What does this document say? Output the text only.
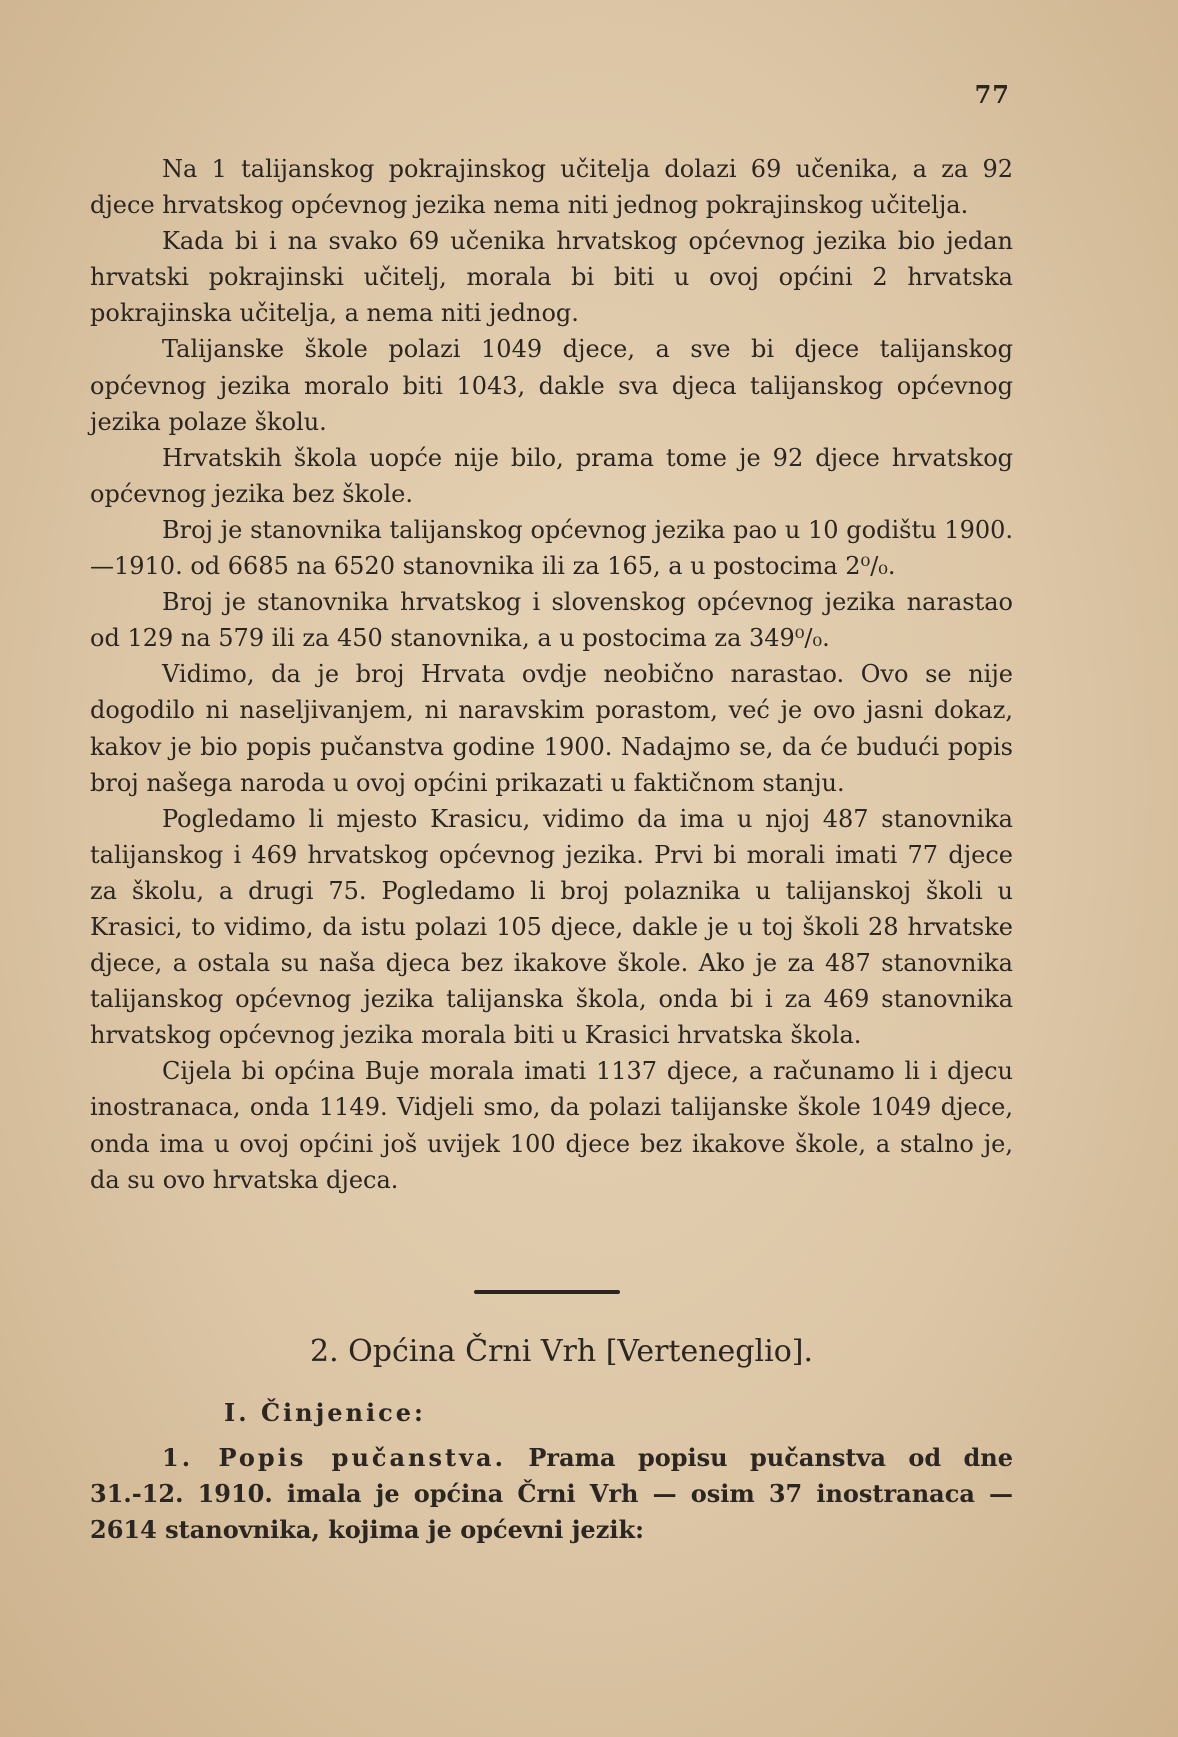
77

Na 1 talijanskog pokrajinskog učitelja dolazi 69 učenika, a za 92 djece hrvatskog općevnog jezika nema niti jednog pokrajinskog učitelja.

Kada bi i na svako 69 učenika hrvatskog općevnog jezika bio jedan hrvatski pokrajinski učitelj, morala bi biti u ovoj općini 2 hrvatska pokrajinska učitelja, a nema niti jednog.

Talijanske škole polazi 1049 djece, a sve bi djece talijanskog općevnog jezika moralo biti 1043, dakle sva djeca talijanskog općevnog jezika polaze školu.

Hrvatskih škola uopće nije bilo, prama tome je 92 djece hrvatskog općevnog jezika bez škole.

Broj je stanovnika talijanskog općevnog jezika pao u 10 godištu 1900.—1910. od 6685 na 6520 stanovnika ili za 165, a u postocima 2⁰/₀.

Broj je stanovnika hrvatskog i slovenskog općevnog jezika narastao od 129 na 579 ili za 450 stanovnika, a u postocima za 349⁰/₀.

Vidimo, da je broj Hrvata ovdje neobično narastao. Ovo se nije dogodilo ni naseljivanjem, ni naravskim porastom, već je ovo jasni dokaz, kakov je bio popis pučanstva godine 1900. Nadajmo se, da će budući popis broj našega naroda u ovoj općini prikazati u faktičnom stanju.

Pogledamo li mjesto Krasicu, vidimo da ima u njoj 487 stanovnika talijanskog i 469 hrvatskog općevnog jezika. Prvi bi morali imati 77 djece za školu, a drugi 75. Pogledamo li broj polaznika u talijanskoj školi u Krasici, to vidimo, da istu polazi 105 djece, dakle je u toj školi 28 hrvatske djece, a ostala su naša djeca bez ikakove škole. Ako je za 487 stanovnika talijanskog općevnog jezika talijanska škola, onda bi i za 469 stanovnika hrvatskog općevnog jezika morala biti u Krasici hrvatska škola.

Cijela bi općina Buje morala imati 1137 djece, a računamo li i djecu inostranaca, onda 1149. Vidjeli smo, da polazi talijanske škole 1049 djece, onda ima u ovoj općini još uvijek 100 djece bez ikakove škole, a stalno je, da su ovo hrvatska djeca.

2. Općina Črni Vrh [Verteneglio].
I. Činjenice:

1. Popis pučanstva. Prama popisu pučanstva od dne 31.-12. 1910. imala je općina Črni Vrh — osim 37 inostranaca — 2614 stanovnika, kojima je općevni jezik:
